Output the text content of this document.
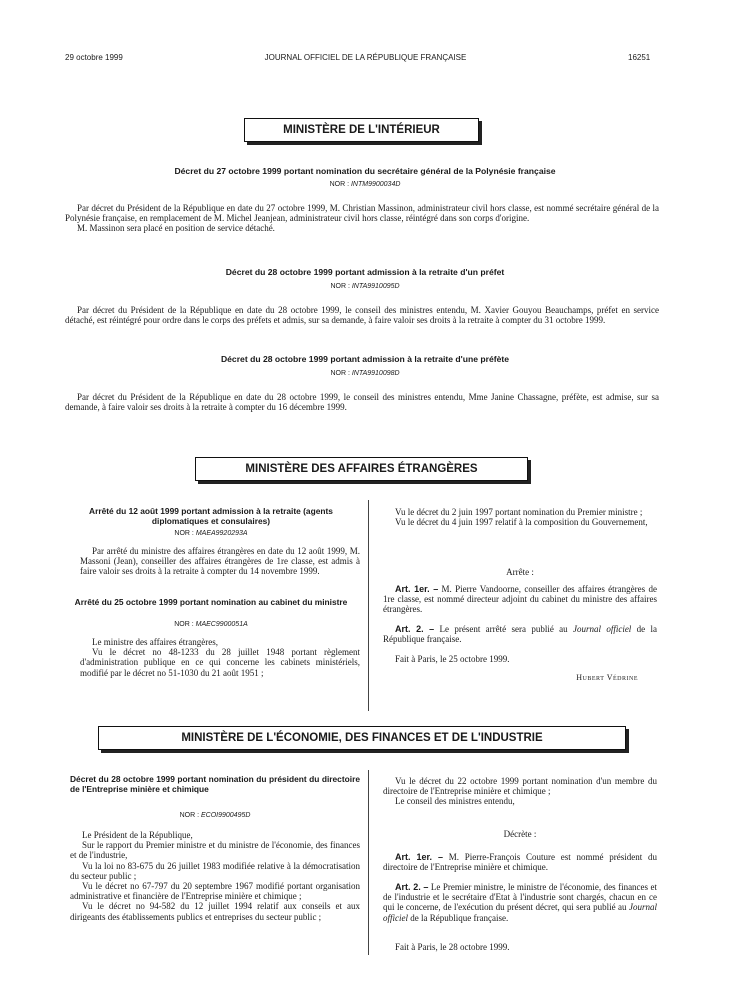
29 octobre 1999	JOURNAL OFFICIEL DE LA RÉPUBLIQUE FRANÇAISE	16251
MINISTÈRE DE L'INTÉRIEUR
Décret du 27 octobre 1999 portant nomination du secrétaire général de la Polynésie française
NOR : INTM9900034D

Par décret du Président de la République en date du 27 octobre 1999, M. Christian Massinon, administrateur civil hors classe, est nommé secrétaire général de la Polynésie française, en remplacement de M. Michel Jeanjean, administrateur civil hors classe, réintégré dans son corps d'origine.

M. Massinon sera placé en position de service détaché.

Décret du 28 octobre 1999 portant admission à la retraite d'un préfet
NOR : INTA9910095D

Par décret du Président de la République en date du 28 octobre 1999, le conseil des ministres entendu, M. Xavier Gouyou Beauchamps, préfet en service détaché, est réintégré pour ordre dans le corps des préfets et admis, sur sa demande, à faire valoir ses droits à la retraite à compter du 31 octobre 1999.

Décret du 28 octobre 1999 portant admission à la retraite d'une préfète
NOR : INTA9910098D

Par décret du Président de la République en date du 28 octobre 1999, le conseil des ministres entendu, Mme Janine Chassagne, préfète, est admise, sur sa demande, à faire valoir ses droits à la retraite à compter du 16 décembre 1999.

MINISTÈRE DES AFFAIRES ÉTRANGÈRES
Arrêté du 12 août 1999 portant admission à la retraite (agents diplomatiques et consulaires)
NOR : MAEA9920293A

Par arrêté du ministre des affaires étrangères en date du 12 août 1999, M. Massoni (Jean), conseiller des affaires étrangères de 1re classe, est admis à faire valoir ses droits à la retraite à compter du 14 novembre 1999.

Arrêté du 25 octobre 1999 portant nomination au cabinet du ministre
NOR : MAEC9900051A

Le ministre des affaires étrangères,

Vu le décret no 48-1233 du 28 juillet 1948 portant règlement d'administration publique en ce qui concerne les cabinets ministériels, modifié par le décret no 51-1030 du 21 août 1951 ;

Vu le décret du 2 juin 1997 portant nomination du Premier ministre ;

Vu le décret du 4 juin 1997 relatif à la composition du Gouvernement,

Arrête :

Art. 1er. – M. Pierre Vandoorne, conseiller des affaires étrangères de 1re classe, est nommé directeur adjoint du cabinet du ministre des affaires étrangères.

Art. 2. – Le présent arrêté sera publié au Journal officiel de la République française.

Fait à Paris, le 25 octobre 1999.

Hubert Védrine
MINISTÈRE DE L'ÉCONOMIE, DES FINANCES ET DE L'INDUSTRIE
Décret du 28 octobre 1999 portant nomination du président du directoire de l'Entreprise minière et chimique
NOR : ECOI9900495D

Le Président de la République,

Sur le rapport du Premier ministre et du ministre de l'économie, des finances et de l'industrie,

Vu la loi no 83-675 du 26 juillet 1983 modifiée relative à la démocratisation du secteur public ;

Vu le décret no 67-797 du 20 septembre 1967 modifié portant organisation administrative et financière de l'Entreprise minière et chimique ;

Vu le décret no 94-582 du 12 juillet 1994 relatif aux conseils et aux dirigeants des établissements publics et entreprises du secteur public ;

Vu le décret du 22 octobre 1999 portant nomination d'un membre du directoire de l'Entreprise minière et chimique ;

Le conseil des ministres entendu,

Décrète :

Art. 1er. – M. Pierre-François Couture est nommé président du directoire de l'Entreprise minière et chimique.

Art. 2. – Le Premier ministre, le ministre de l'économie, des finances et de l'industrie et le secrétaire d'Etat à l'industrie sont chargés, chacun en ce qui le concerne, de l'exécution du présent décret, qui sera publié au Journal officiel de la République française.

Fait à Paris, le 28 octobre 1999.
